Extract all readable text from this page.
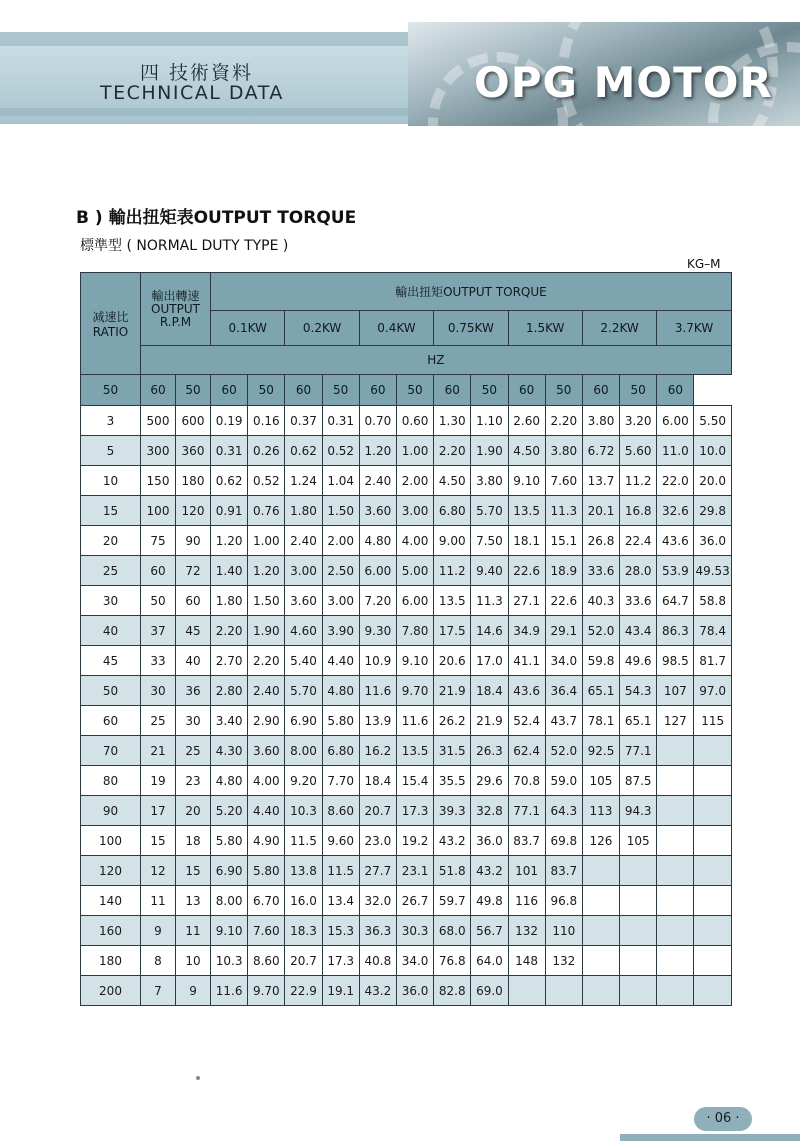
四 技術資料
TECHNICAL DATA	OPG MOTOR
B ) 輸出扭矩表OUTPUT TORQUE
標準型 ( NORMAL DUTY TYPE )
KG–M
减速比
RATIO	輸出轉速
OUTPUT
R.P.M		輸出扭矩OUTPUT TORQUE													
			0.1KW		0.2KW		0.4KW		0.75KW		1.5KW		2.2KW		3.7KW	
	HZ															
50	60	50	60	50	60	50	60	50	60	50	60	50	60	50	60	
3	500	600	0.19	0.16	0.37	0.31	0.70	0.60	1.30	1.10	2.60	2.20	3.80	3.20	6.00	5.50
5	300	360	0.31	0.26	0.62	0.52	1.20	1.00	2.20	1.90	4.50	3.80	6.72	5.60	11.0	10.0
10	150	180	0.62	0.52	1.24	1.04	2.40	2.00	4.50	3.80	9.10	7.60	13.7	11.2	22.0	20.0
15	100	120	0.91	0.76	1.80	1.50	3.60	3.00	6.80	5.70	13.5	11.3	20.1	16.8	32.6	29.8
20	75	90	1.20	1.00	2.40	2.00	4.80	4.00	9.00	7.50	18.1	15.1	26.8	22.4	43.6	36.0
25	60	72	1.40	1.20	3.00	2.50	6.00	5.00	11.2	9.40	22.6	18.9	33.6	28.0	53.9	49.53
30	50	60	1.80	1.50	3.60	3.00	7.20	6.00	13.5	11.3	27.1	22.6	40.3	33.6	64.7	58.8
40	37	45	2.20	1.90	4.60	3.90	9.30	7.80	17.5	14.6	34.9	29.1	52.0	43.4	86.3	78.4
45	33	40	2.70	2.20	5.40	4.40	10.9	9.10	20.6	17.0	41.1	34.0	59.8	49.6	98.5	81.7
50	30	36	2.80	2.40	5.70	4.80	11.6	9.70	21.9	18.4	43.6	36.4	65.1	54.3	107	97.0
60	25	30	3.40	2.90	6.90	5.80	13.9	11.6	26.2	21.9	52.4	43.7	78.1	65.1	127	115
70	21	25	4.30	3.60	8.00	6.80	16.2	13.5	31.5	26.3	62.4	52.0	92.5	77.1		
80	19	23	4.80	4.00	9.20	7.70	18.4	15.4	35.5	29.6	70.8	59.0	105	87.5		
90	17	20	5.20	4.40	10.3	8.60	20.7	17.3	39.3	32.8	77.1	64.3	113	94.3		
100	15	18	5.80	4.90	11.5	9.60	23.0	19.2	43.2	36.0	83.7	69.8	126	105		
120	12	15	6.90	5.80	13.8	11.5	27.7	23.1	51.8	43.2	101	83.7				
140	11	13	8.00	6.70	16.0	13.4	32.0	26.7	59.7	49.8	116	96.8				
160	9	11	9.10	7.60	18.3	15.3	36.3	30.3	68.0	56.7	132	110				
180	8	10	10.3	8.60	20.7	17.3	40.8	34.0	76.8	64.0	148	132				
200	7	9	11.6	9.70	22.9	19.1	43.2	36.0	82.8	69.0						
· 06 ·
